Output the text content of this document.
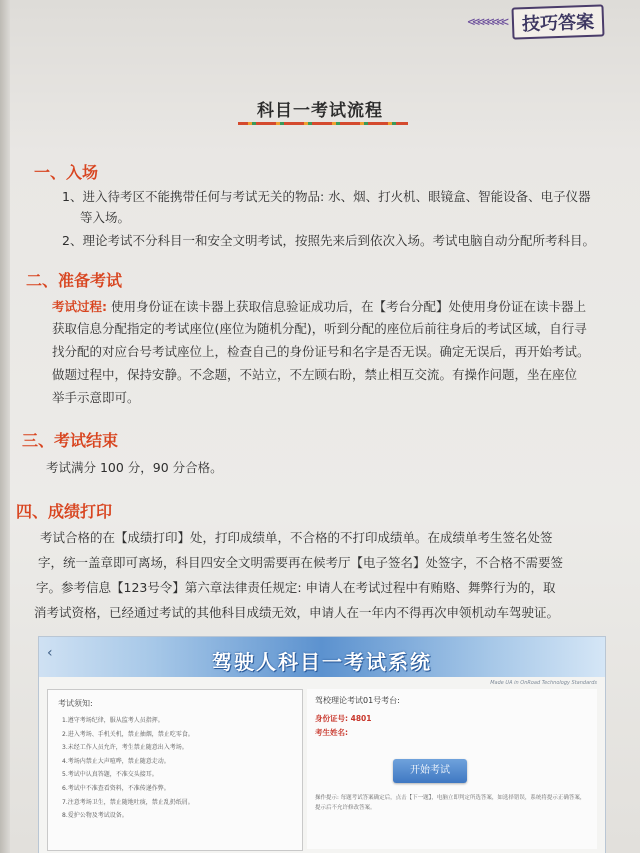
<<<<<<<< 技巧答案
科目一考试流程
一、入场
1、进入待考区不能携带任何与考试无关的物品: 水、烟、打火机、眼镜盒、智能设备、电子仪器
等入场。
2、理论考试不分科目一和安全文明考试，按照先来后到依次入场。考试电脑自动分配所考科目。
二、准备考试
考试过程: 使用身份证在读卡器上获取信息验证成功后，在【考台分配】处使用身份证在读卡器上
获取信息分配指定的考试座位(座位为随机分配)，听到分配的座位后前往身后的考试区域，自行寻
找分配的对应台号考试座位上，检查自己的身份证号和名字是否无误。确定无误后，再开始考试。
做题过程中，保持安静。不念题，不站立，不左顾右盼，禁止相互交流。有操作问题，坐在座位
举手示意即可。
三、考试结束
考试满分 100 分，90 分合格。
四、成绩打印
考试合格的在【成绩打印】处，打印成绩单，不合格的不打印成绩单。在成绩单考生签名处签
字，统一盖章即可离场，科目四安全文明需要再在候考厅【电子签名】处签字，不合格不需要签
字。参考信息【123号令】第六章法律责任规定: 申请人在考试过程中有贿赂、舞弊行为的，取
消考试资格，已经通过考试的其他科目成绩无效，申请人在一年内不得再次申领机动车驾驶证。
‹	驾驶人科目一考试系统
Made UA in OnRoad Technology Standards
考试须知:
1.遵守考场纪律，服从监考人员指挥。
2.进入考场、手机关机，禁止抽烟，禁止吃零食。
3.未经工作人员允许，考生禁止随意出入考场。
4.考场内禁止大声喧哗，禁止随意走动。
5.考试中认真答题，不准交头接耳。
6.考试中不准查看资料，不准传递作弊。
7.注意考场卫生，禁止随地吐痰，禁止乱扔纸屑。
8.爱护公物及考试设备。
驾校理论考试01号考台:
身份证号: 4801
考生姓名:
开始考试
操作提示: 每题考试答案确定后，点击【下一题】，电脑立即判定所选答案，如选择错误，系统将提示正确答案，提示后不允许修改答案。
